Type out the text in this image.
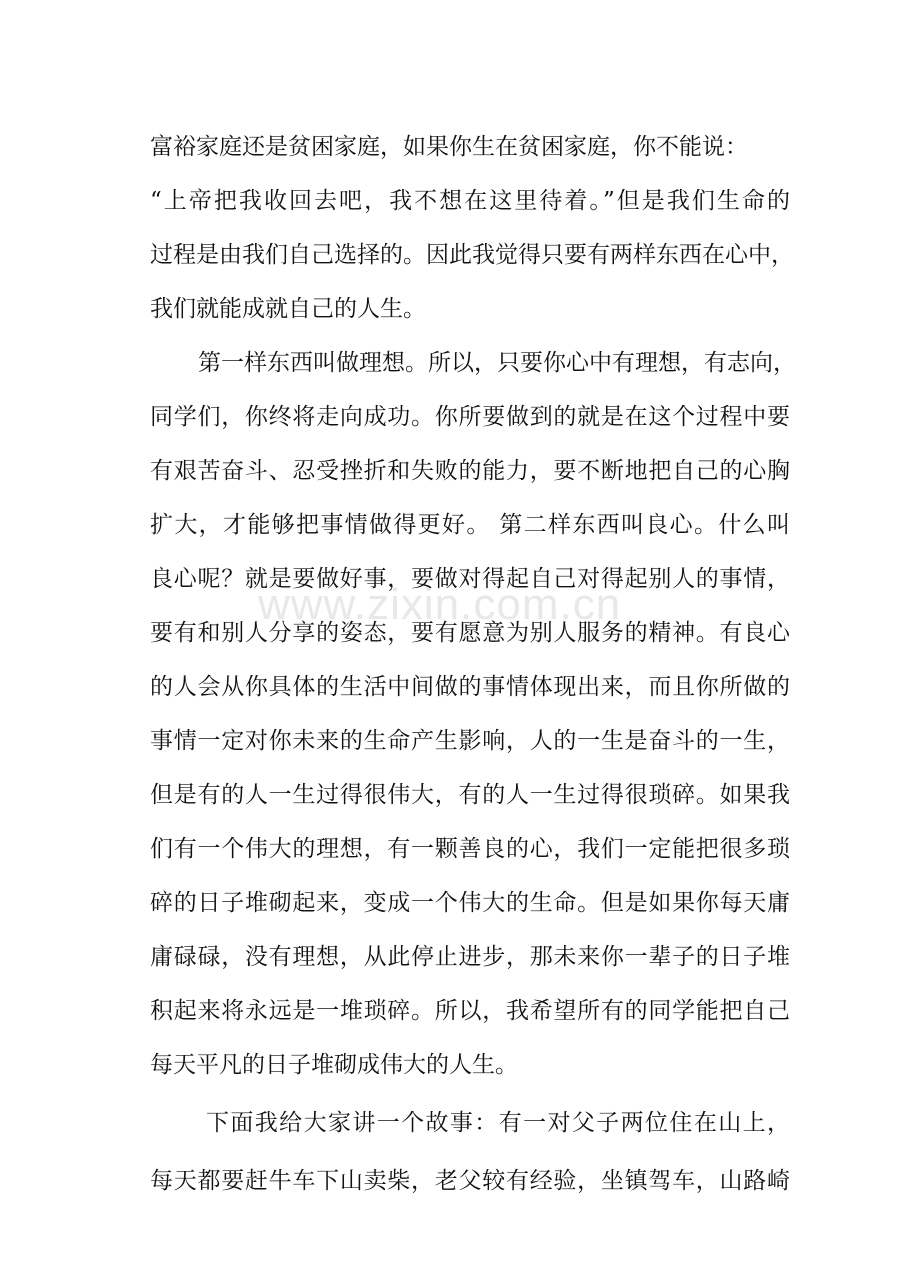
www.zixin.com.cn
富裕家庭还是贫困家庭，如果你生在贫困家庭，你不能说：
“上帝把我收回去吧，我不想在这里待着。”但是我们生命的
过程是由我们自己选择的。因此我觉得只要有两样东西在心中，
我们就能成就自己的人生。
第一样东西叫做理想。所以，只要你心中有理想，有志向，
同学们，你终将走向成功。你所要做到的就是在这个过程中要
有艰苦奋斗、忍受挫折和失败的能力，要不断地把自己的心胸
扩大，才能够把事情做得更好。 第二样东西叫良心。什么叫
良心呢？就是要做好事，要做对得起自己对得起别人的事情，
要有和别人分享的姿态，要有愿意为别人服务的精神。有良心
的人会从你具体的生活中间做的事情体现出来，而且你所做的
事情一定对你未来的生命产生影响，人的一生是奋斗的一生，
但是有的人一生过得很伟大，有的人一生过得很琐碎。如果我
们有一个伟大的理想，有一颗善良的心，我们一定能把很多琐
碎的日子堆砌起来，变成一个伟大的生命。但是如果你每天庸
庸碌碌，没有理想，从此停止进步，那未来你一辈子的日子堆
积起来将永远是一堆琐碎。所以，我希望所有的同学能把自己
每天平凡的日子堆砌成伟大的人生。
下面我给大家讲一个故事：有一对父子两位住在山上，
每天都要赶牛车下山卖柴，老父较有经验，坐镇驾车，山路崎
